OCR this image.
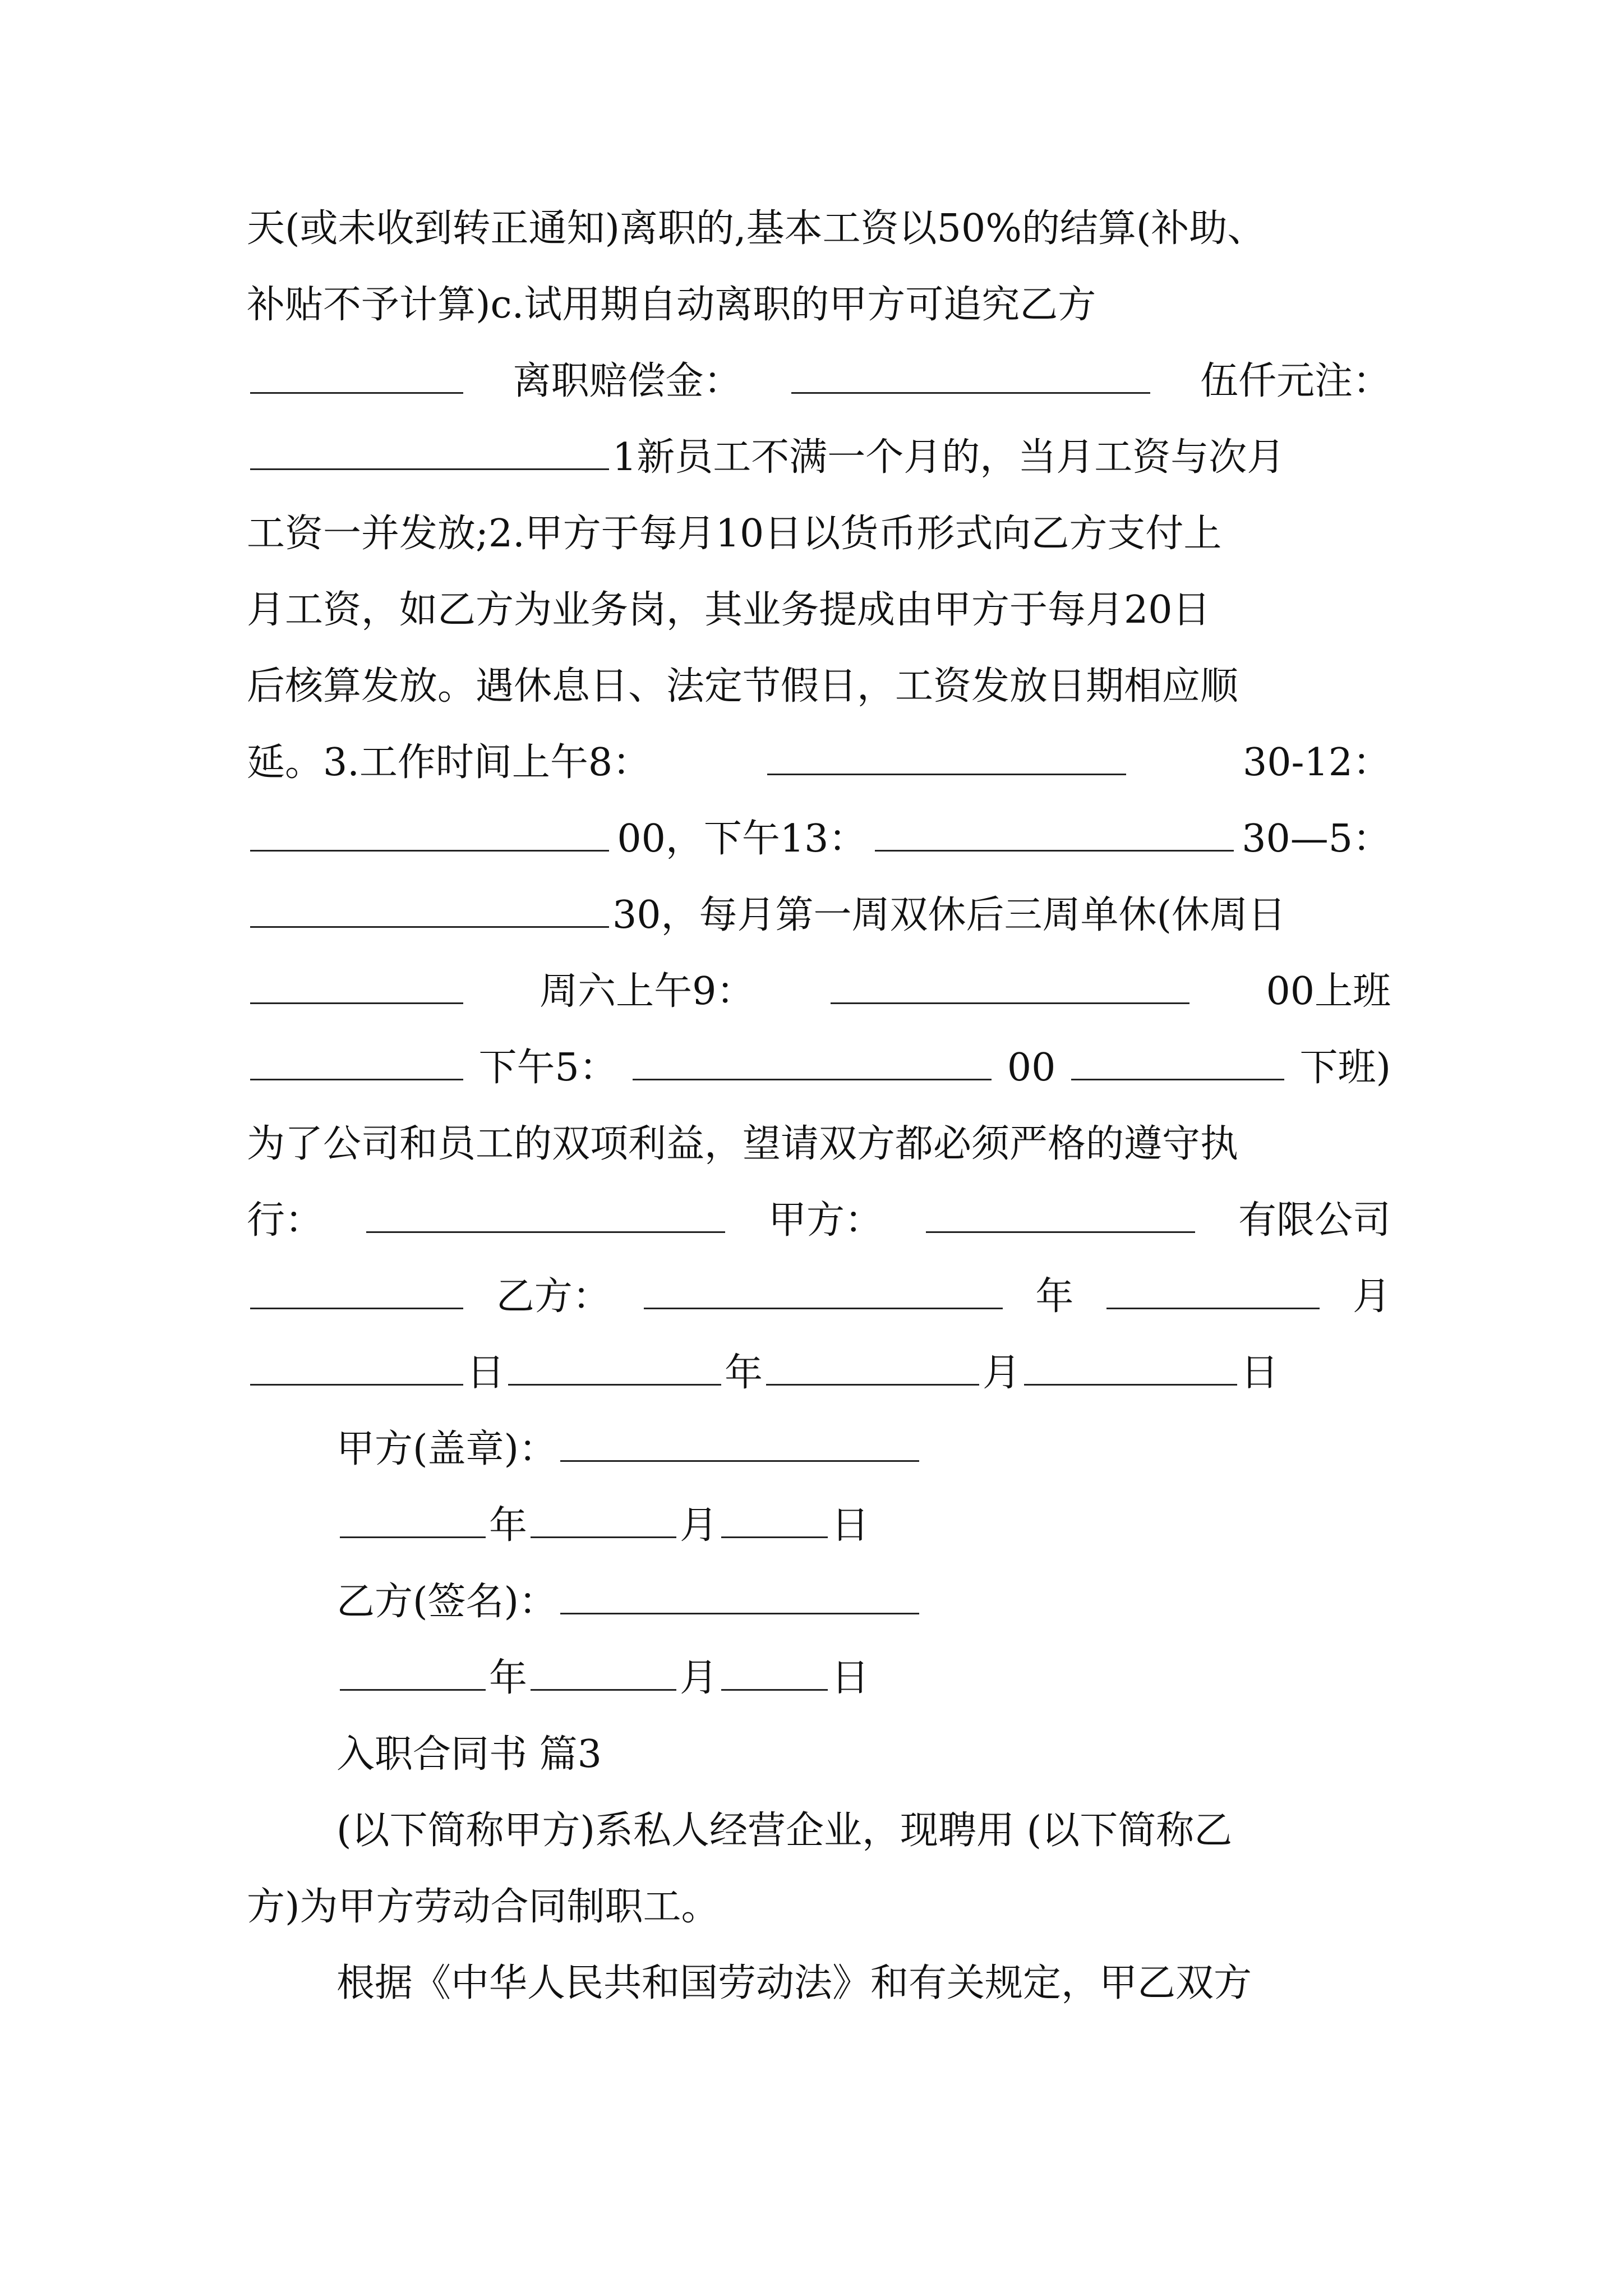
天(或未收到转正通知)离职的,基本工资以50%的结算(补助、
补贴不予计算)c.试用期自动离职的甲方可追究乙方
离职赔偿金：	伍仟元注：
1新员工不满一个月的，当月工资与次月
工资一并发放;2.甲方于每月10日以货币形式向乙方支付上
月工资，如乙方为业务岗，其业务提成由甲方于每月20日
后核算发放。遇休息日、法定节假日，工资发放日期相应顺
延。3.工作时间上午8：	30-12：
00，下午13：	30—5：
30，每月第一周双休后三周单休(休周日
周六上午9：	00上班
下午5：	00	下班)
为了公司和员工的双项利益，望请双方都必须严格的遵守执
行：	甲方：	有限公司
乙方：	年	月
日	年	月	日
甲方(盖章)：
年	月	日
乙方(签名)：
年	月	日
入职合同书 篇3
(以下简称甲方)系私人经营企业，现聘用 (以下简称乙
方)为甲方劳动合同制职工。
根据《中华人民共和国劳动法》和有关规定，甲乙双方
